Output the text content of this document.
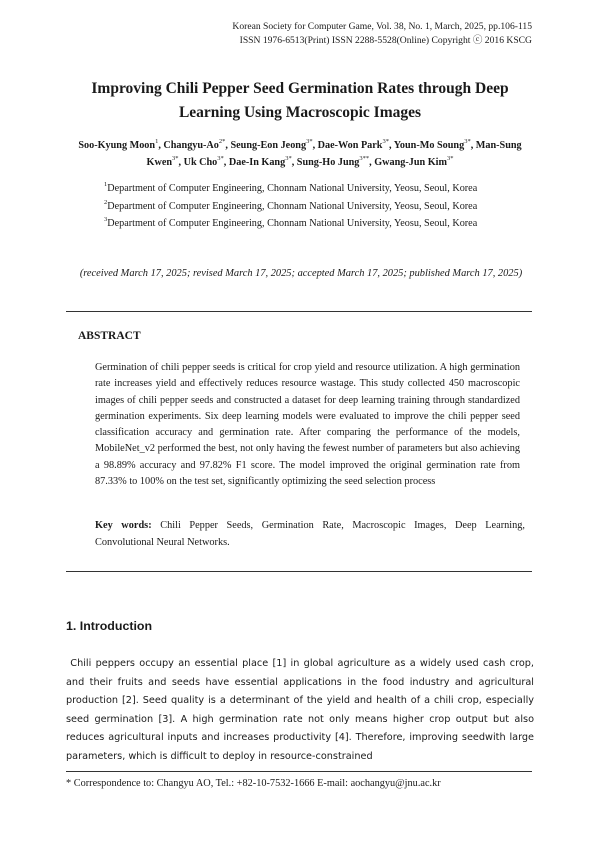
Korean Society for Computer Game, Vol. 38, No. 1, March, 2025, pp.106-115
ISSN 1976-6513(Print) ISSN 2288-5528(Online) Copyright ⓒ 2016 KSCG
Improving Chili Pepper Seed Germination Rates through Deep Learning Using Macroscopic Images
Soo-Kyung Moon$^1$, Changyu-$Ao^{2*}$, Seung-Eon Jeong$^{3*}$, Dae-Won Park$^{3*}$, Youn-Mo Soung$^{3*}$, Man-Sung Kwen$^{3*}$, Uk Cho$^{3*}$, Dae-In Kang$^{3*}$, Sung-Ho Jung$^{3**}$, Gwang-Jun Kim$^{3*}$
$^1$Department of Computer Engineering, Chonnam National University, Yeosu, Seoul, Korea
$^2$Department of Computer Engineering, Chonnam National University, Yeosu, Seoul, Korea
$^3$Department of Computer Engineering, Chonnam National University, Yeosu, Seoul, Korea
(received March 17, 2025; revised March 17, 2025; accepted March 17, 2025; published March 17, 2025)
ABSTRACT
Germination of chili pepper seeds is critical for crop yield and resource utilization. A high germination rate increases yield and effectively reduces resource wastage. This study collected 450 macroscopic images of chili pepper seeds and constructed a dataset for deep learning training through standardized germination experiments. Six deep learning models were evaluated to improve the chili pepper seed classification accuracy and germination rate. After comparing the performance of the models, MobileNet_v2 performed the best, not only having the fewest number of parameters but also achieving a 98.89% accuracy and 97.82% F1 score. The model improved the original germination rate from 87.33% to 100% on the test set, significantly optimizing the seed selection process
Key words: Chili Pepper Seeds, Germination Rate, Macroscopic Images, Deep Learning, Convolutional Neural Networks.
1. Introduction
Chili peppers occupy an essential place [1] in global agriculture as a widely used cash crop, and their fruits and seeds have essential applications in the food industry and agricultural production [2]. Seed quality is a determinant of the yield and health of a chili crop, especially seed germination [3]. A high germination rate not only means higher crop output but also reduces agricultural inputs and increases productivity [4]. Therefore, improving seedwith large parameters, which is difficult to deploy in resource-constrained
* Correspondence to: Changyu AO, Tel.: +82-10-7532-1666 E-mail: aochangyu@jnu.ac.kr
